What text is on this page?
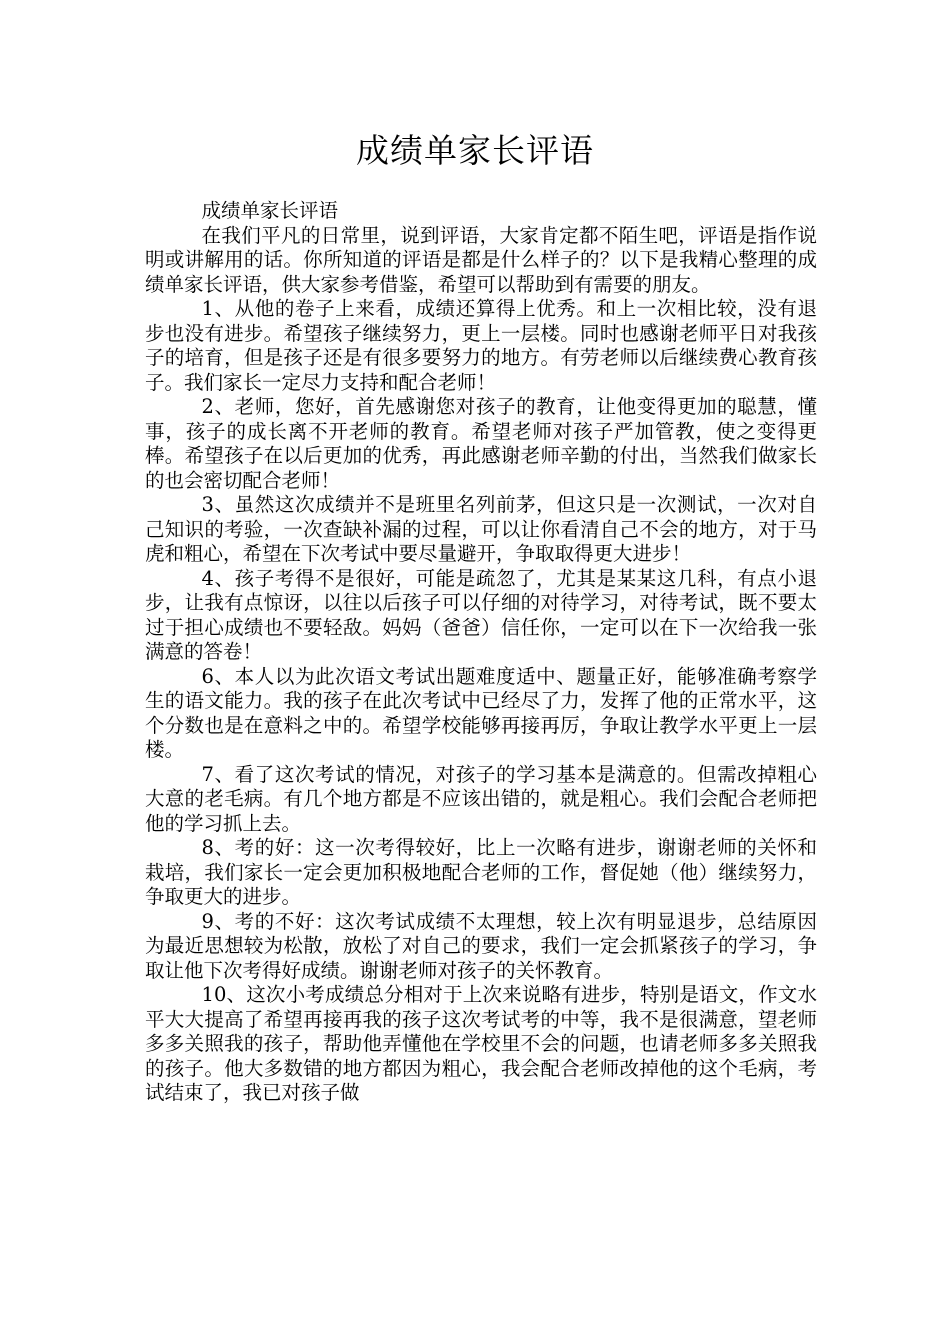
成绩单家长评语

成绩单家长评语

在我们平凡的日常里，说到评语，大家肯定都不陌生吧，评语是指作说明或讲解用的话。你所知道的评语是都是什么样子的？以下是我精心整理的成绩单家长评语，供大家参考借鉴，希望可以帮助到有需要的朋友。

1、从他的卷子上来看，成绩还算得上优秀。和上一次相比较，没有退步也没有进步。希望孩子继续努力，更上一层楼。同时也感谢老师平日对我孩子的培育，但是孩子还是有很多要努力的地方。有劳老师以后继续费心教育孩子。我们家长一定尽力支持和配合老师！

2、老师，您好，首先感谢您对孩子的教育，让他变得更加的聪慧，懂事，孩子的成长离不开老师的教育。希望老师对孩子严加管教，使之变得更棒。希望孩子在以后更加的优秀，再此感谢老师辛勤的付出，当然我们做家长的也会密切配合老师！

3、虽然这次成绩并不是班里名列前茅，但这只是一次测试，一次对自己知识的考验，一次查缺补漏的过程，可以让你看清自己不会的地方，对于马虎和粗心，希望在下次考试中要尽量避开，争取取得更大进步！

4、孩子考得不是很好，可能是疏忽了，尤其是某某这几科，有点小退步，让我有点惊讶，以往以后孩子可以仔细的对待学习，对待考试，既不要太过于担心成绩也不要轻敌。妈妈（爸爸）信任你，一定可以在下一次给我一张满意的答卷！

6、本人以为此次语文考试出题难度适中、题量正好，能够准确考察学生的语文能力。我的孩子在此次考试中已经尽了力，发挥了他的正常水平，这个分数也是在意料之中的。希望学校能够再接再厉，争取让教学水平更上一层楼。

7、看了这次考试的情况，对孩子的学习基本是满意的。但需改掉粗心大意的老毛病。有几个地方都是不应该出错的，就是粗心。我们会配合老师把他的学习抓上去。

8、考的好：这一次考得较好，比上一次略有进步，谢谢老师的关怀和栽培，我们家长一定会更加积极地配合老师的工作，督促她（他）继续努力，争取更大的进步。

9、考的不好：这次考试成绩不太理想，较上次有明显退步，总结原因为最近思想较为松散，放松了对自己的要求，我们一定会抓紧孩子的学习，争取让他下次考得好成绩。谢谢老师对孩子的关怀教育。

10、这次小考成绩总分相对于上次来说略有进步，特别是语文，作文水平大大提高了希望再接再我的孩子这次考试考的中等，我不是很满意，望老师多多关照我的孩子，帮助他弄懂他在学校里不会的问题，也请老师多多关照我的孩子。他大多数错的地方都因为粗心，我会配合老师改掉他的这个毛病，考试结束了，我已对孩子做
